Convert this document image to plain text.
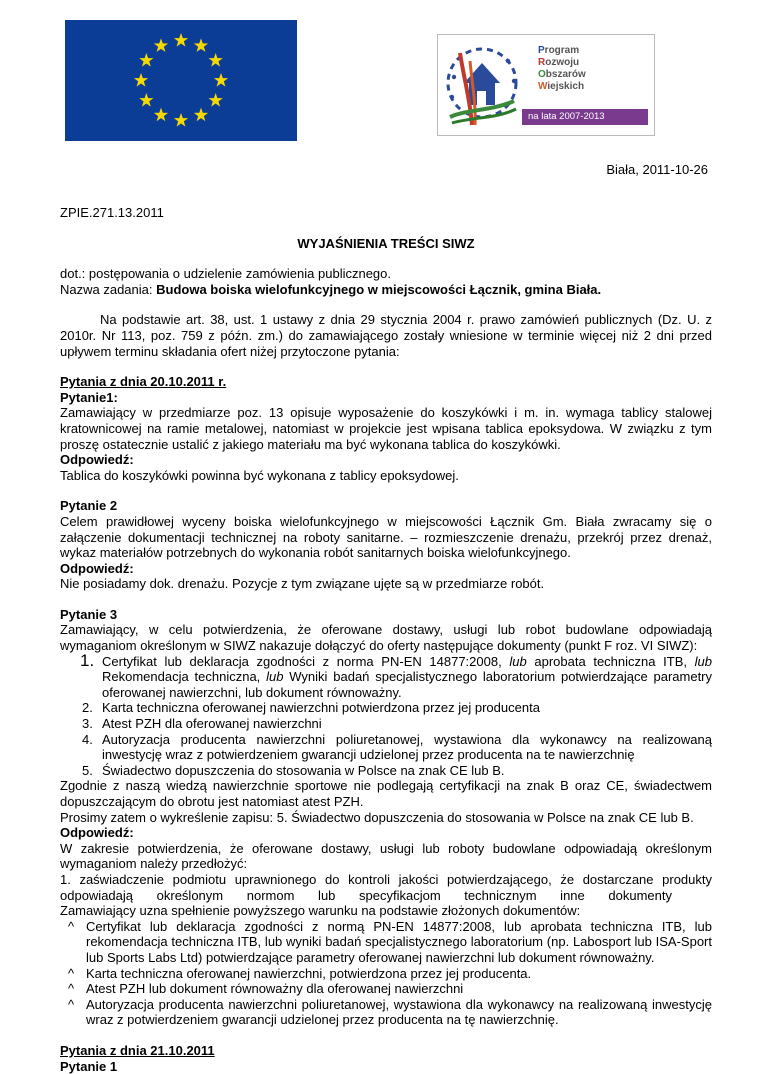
Program
Rozwoju
Obszarów
Wiejskich
na lata 2007-2013
Biała, 2011-10-26

ZPIE.271.13.2011

WYJAŚNIENIA TREŚCI SIWZ

dot.: postępowania o udzielenie zamówienia publicznego.

Nazwa zadania: Budowa boiska wielofunkcyjnego w miejscowości Łącznik, gmina Biała.

Na podstawie art. 38, ust. 1 ustawy z dnia 29 stycznia 2004 r. prawo zamówień publicznych (Dz. U. z 2010r. Nr 113, poz. 759 z późn. zm.) do zamawiającego zostały wniesione w terminie więcej niż 2 dni przed upływem terminu składania ofert niżej przytoczone pytania:

Pytania z dnia 20.10.2011 r.

Pytanie1:

Zamawiający w przedmiarze poz. 13 opisuje wyposażenie do koszykówki i m. in. wymaga tablicy stalowej kratownicowej na ramie metalowej, natomiast w projekcie jest wpisana tablica epoksydowa. W związku z tym proszę ostatecznie ustalić z jakiego materiału ma być wykonana tablica do koszykówki.

Odpowiedź:

Tablica do koszykówki powinna być wykonana z tablicy epoksydowej.

Pytanie 2

Celem prawidłowej wyceny boiska wielofunkcyjnego w miejscowości Łącznik Gm. Biała zwracamy się o załączenie dokumentacji technicznej na roboty sanitarne. – rozmieszczenie drenażu, przekrój przez drenaż, wykaz materiałów potrzebnych do wykonania robót sanitarnych boiska wielofunkcyjnego.

Odpowiedź:

Nie posiadamy dok. drenażu. Pozycje z tym związane ujęte są w przedmiarze robót.

Pytanie 3

Zamawiający, w celu potwierdzenia, że oferowane dostawy, usługi lub robot budowlane odpowiadają wymaganiom określonym w SIWZ nakazuje dołączyć do oferty następujące dokumenty (punkt F roz. VI SIWZ):

1. Certyfikat lub deklaracja zgodności z norma PN-EN 14877:2008, lub aprobata techniczna ITB, lub Rekomendacja techniczna, lub Wyniki badań specjalistycznego laboratorium potwierdzające parametry oferowanej nawierzchni, lub dokument równoważny.
2. Karta techniczna oferowanej nawierzchni potwierdzona przez jej producenta
3. Atest PZH dla oferowanej nawierzchni
4. Autoryzacja producenta nawierzchni poliuretanowej, wystawiona dla wykonawcy na realizowaną inwestycję wraz z potwierdzeniem gwarancji udzielonej przez producenta na te nawierzchnię
5. Świadectwo dopuszczenia do stosowania w Polsce na znak CE lub B.

Zgodnie z naszą wiedzą nawierzchnie sportowe nie podlegają certyfikacji na znak B oraz CE, świadectwem dopuszczającym do obrotu jest natomiast atest PZH.

Prosimy zatem o wykreślenie zapisu: 5. Świadectwo dopuszczenia do stosowania w Polsce na znak CE lub B.

Odpowiedź:

W zakresie potwierdzenia, że oferowane dostawy, usługi lub roboty budowlane odpowiadają określonym wymaganiom należy przedłożyć:

1. zaświadczenie podmiotu uprawnionego do kontroli jakości potwierdzającego, że dostarczane produkty

odpowiadają określonym normom lub specyfikacjom technicznym inne dokumenty

Zamawiający uzna spełnienie powyższego warunku na podstawie złożonych dokumentów:

^ Certyfikat lub deklaracja zgodności z normą PN-EN 14877:2008, lub aprobata techniczna ITB, lub rekomendacja techniczna ITB, lub wyniki badań specjalistycznego laboratorium (np. Labosport lub ISA-Sport lub Sports Labs Ltd) potwierdzające parametry oferowanej nawierzchni lub dokument równoważny.
^ Karta techniczna oferowanej nawierzchni, potwierdzona przez jej producenta.
^ Atest PZH lub dokument równoważny dla oferowanej nawierzchni
^ Autoryzacja producenta nawierzchni poliuretanowej, wystawiona dla wykonawcy na realizowaną inwestycję wraz z potwierdzeniem gwarancji udzielonej przez producenta na tę nawierzchnię.

Pytania z dnia 21.10.2011

Pytanie 1
